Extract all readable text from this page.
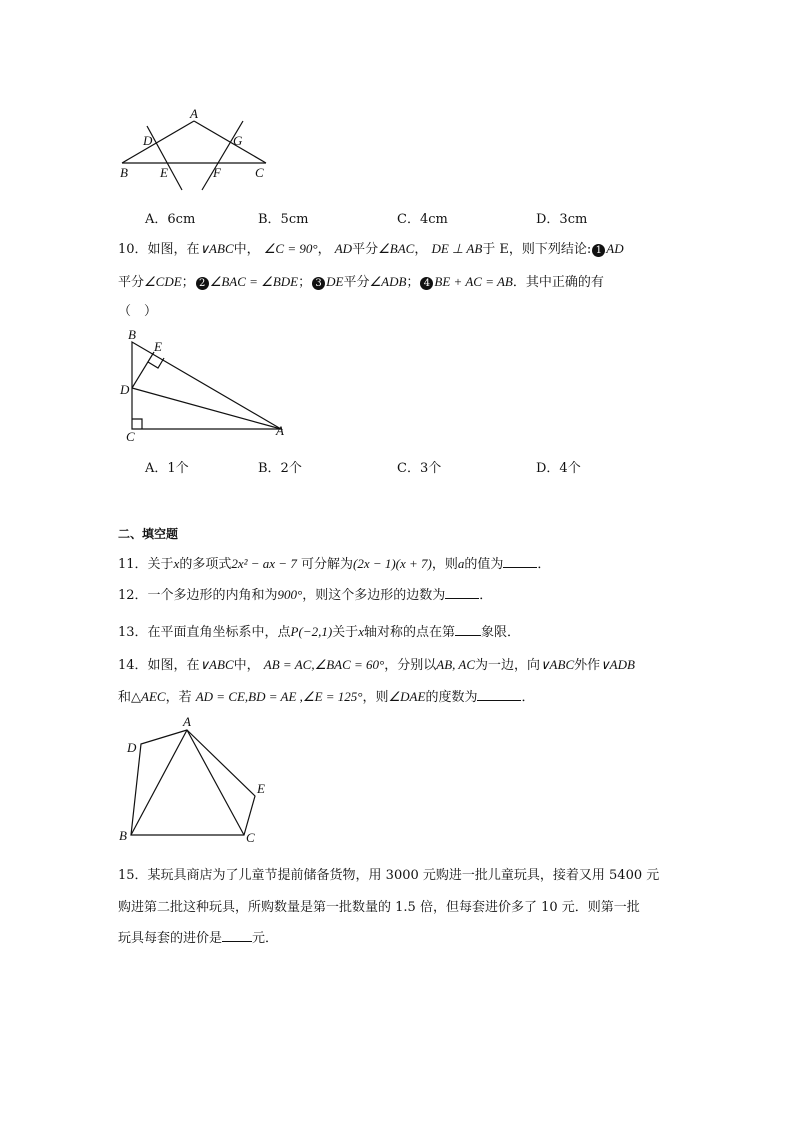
A
D	G
B E	F	C
A．6cm	B．5cm	C．4cm	D．3cm
10．如图，在∨ABC中， ∠C = 90°， AD平分∠BAC， DE ⊥ AB于 E，则下列结论: 1 AD
平分∠CDE； 2 ∠BAC = ∠BDE； 3 DE平分∠ADB； 4 BE + AC = AB．其中正确的有
（　）
B
E
D
C	A
A．1个	B．2个	C．3个	D．4个
二、填空题
11．关于x的多项式2x² − ax − 7 可分解为(2x − 1)(x + 7)，则a的值为	．
12．一个多边形的内角和为900°，则这个多边形的边数为	．
13．在平面直角坐标系中，点P(−2,1)关于x轴对称的点在第 象限．
14．如图，在∨ABC中， AB = AC,∠BAC = 60°，分别以AB, AC为一边，向∨ABC外作∨ADB
和△AEC，若 AD = CE,BD = AE ,∠E = 125°，则∠DAE的度数为	．
A
D
E
B	C
15．某玩具商店为了儿童节提前储备货物，用 3000 元购进一批儿童玩具，接着又用 5400 元
购进第二批这种玩具，所购数量是第一批数量的 1.5 倍，但每套进价多了 10 元．则第一批
玩具每套的进价是 元．
